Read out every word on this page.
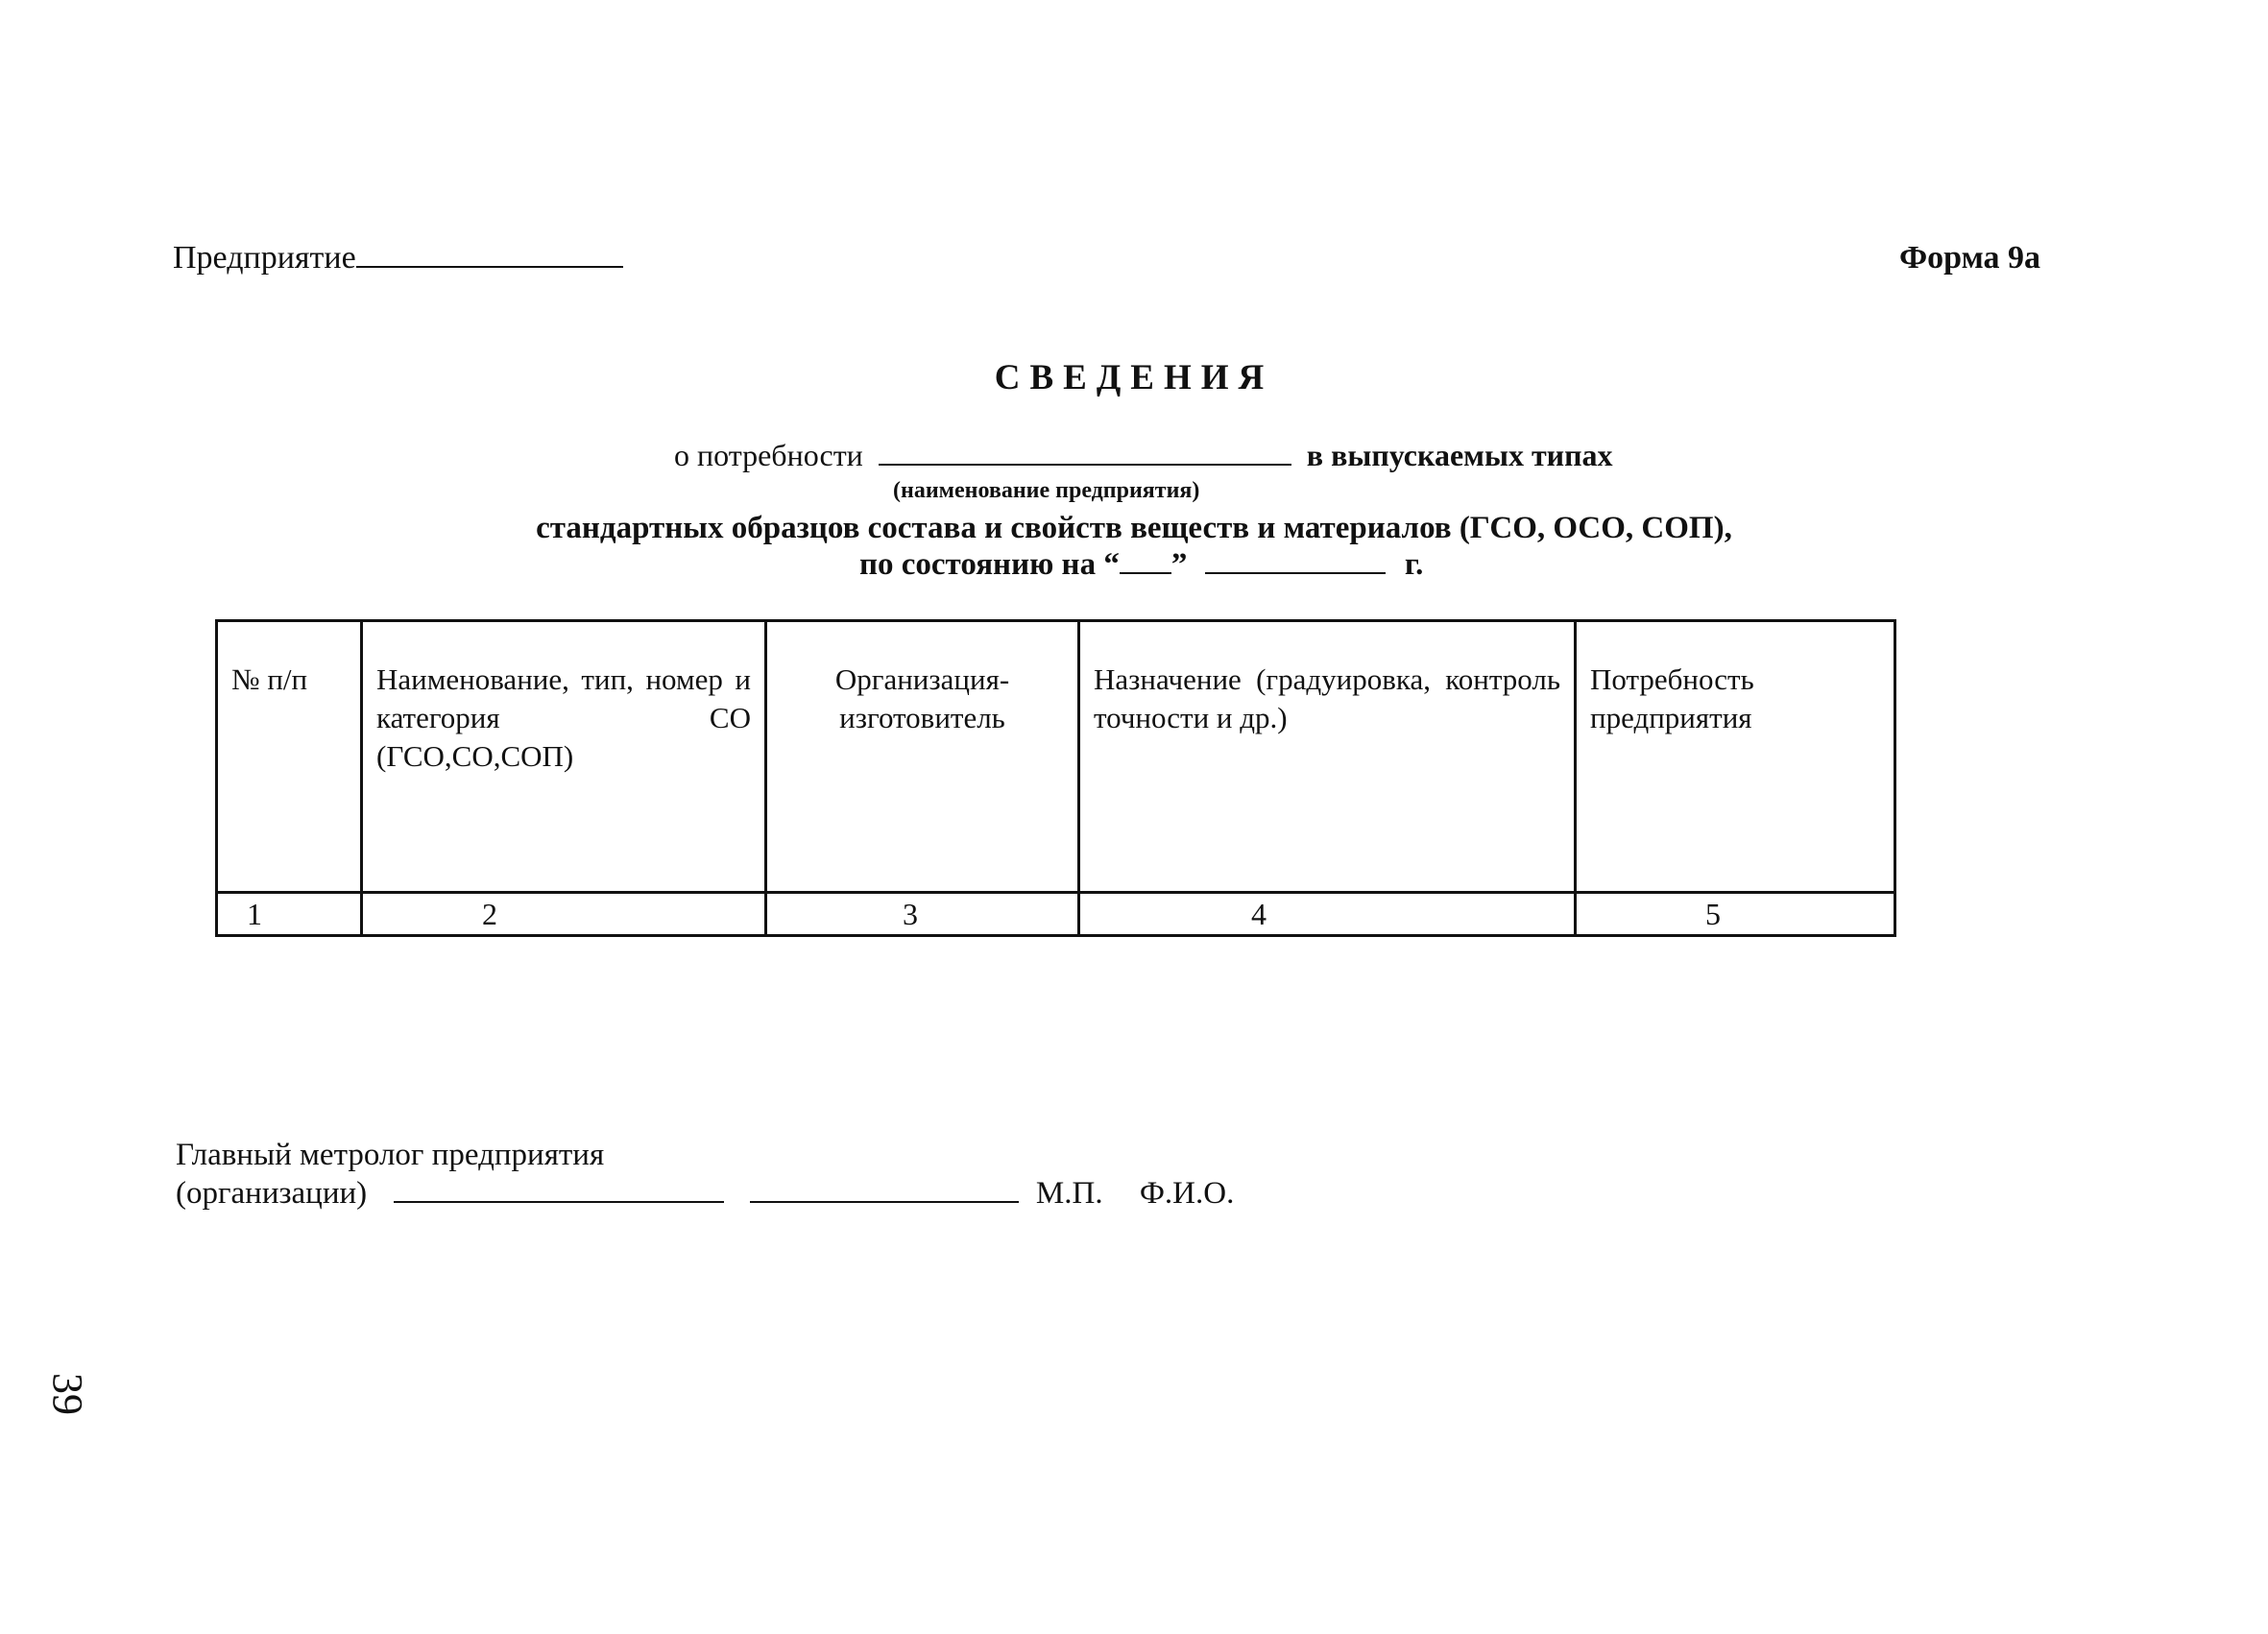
Предприятие	Форма 9а
СВЕДЕНИЯ
о потребности	в выпускаемых типах
(наименование предприятия)
стандартных образцов состава и свойств веществ и материалов (ГСО, ОСО, СОП),
по состоянию на “ ”	г.
№ п/п	Наименование, тип, номер и категория СО (ГСО,СО,СОП)	Организация-изготовитель	Назначение (градуировка, контроль точности и др.)	Потребность предприятия
1	2	3	4	5
Главный метролог предприятия
(организации)	М.П. Ф.И.О.
39
